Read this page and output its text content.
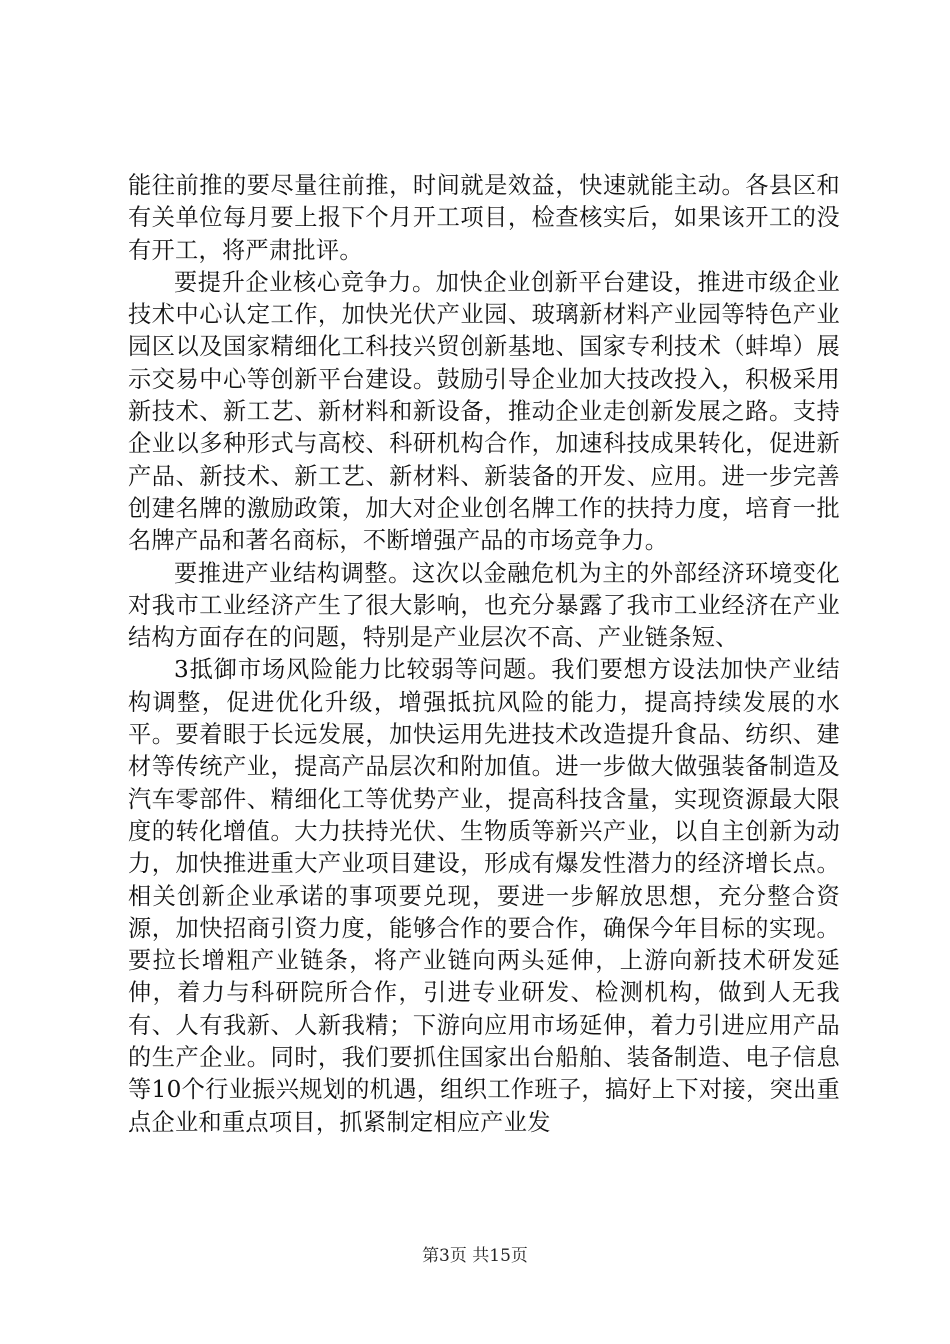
能往前推的要尽量往前推，时间就是效益，快速就能主动。各县区和有关单位每月要上报下个月开工项目，检查核实后，如果该开工的没有开工，将严肃批评。

要提升企业核心竞争力。加快企业创新平台建设，推进市级企业技术中心认定工作，加快光伏产业园、玻璃新材料产业园等特色产业园区以及国家精细化工科技兴贸创新基地、国家专利技术（蚌埠）展示交易中心等创新平台建设。鼓励引导企业加大技改投入，积极采用新技术、新工艺、新材料和新设备，推动企业走创新发展之路。支持企业以多种形式与高校、科研机构合作，加速科技成果转化，促进新产品、新技术、新工艺、新材料、新装备的开发、应用。进一步完善创建名牌的激励政策，加大对企业创名牌工作的扶持力度，培育一批名牌产品和著名商标，不断增强产品的市场竞争力。

要推进产业结构调整。这次以金融危机为主的外部经济环境变化对我市工业经济产生了很大影响，也充分暴露了我市工业经济在产业结构方面存在的问题，特别是产业层次不高、产业链条短、

3抵御市场风险能力比较弱等问题。我们要想方设法加快产业结构调整，促进优化升级，增强抵抗风险的能力，提高持续发展的水平。要着眼于长远发展，加快运用先进技术改造提升食品、纺织、建材等传统产业，提高产品层次和附加值。进一步做大做强装备制造及汽车零部件、精细化工等优势产业，提高科技含量，实现资源最大限度的转化增值。大力扶持光伏、生物质等新兴产业，以自主创新为动力，加快推进重大产业项目建设，形成有爆发性潜力的经济增长点。相关创新企业承诺的事项要兑现，要进一步解放思想，充分整合资源，加快招商引资力度，能够合作的要合作，确保今年目标的实现。要拉长增粗产业链条，将产业链向两头延伸，上游向新技术研发延伸，着力与科研院所合作，引进专业研发、检测机构，做到人无我有、人有我新、人新我精；下游向应用市场延伸，着力引进应用产品的生产企业。同时，我们要抓住国家出台船舶、装备制造、电子信息等10个行业振兴规划的机遇，组织工作班子，搞好上下对接，突出重点企业和重点项目，抓紧制定相应产业发

第3页 共15页
